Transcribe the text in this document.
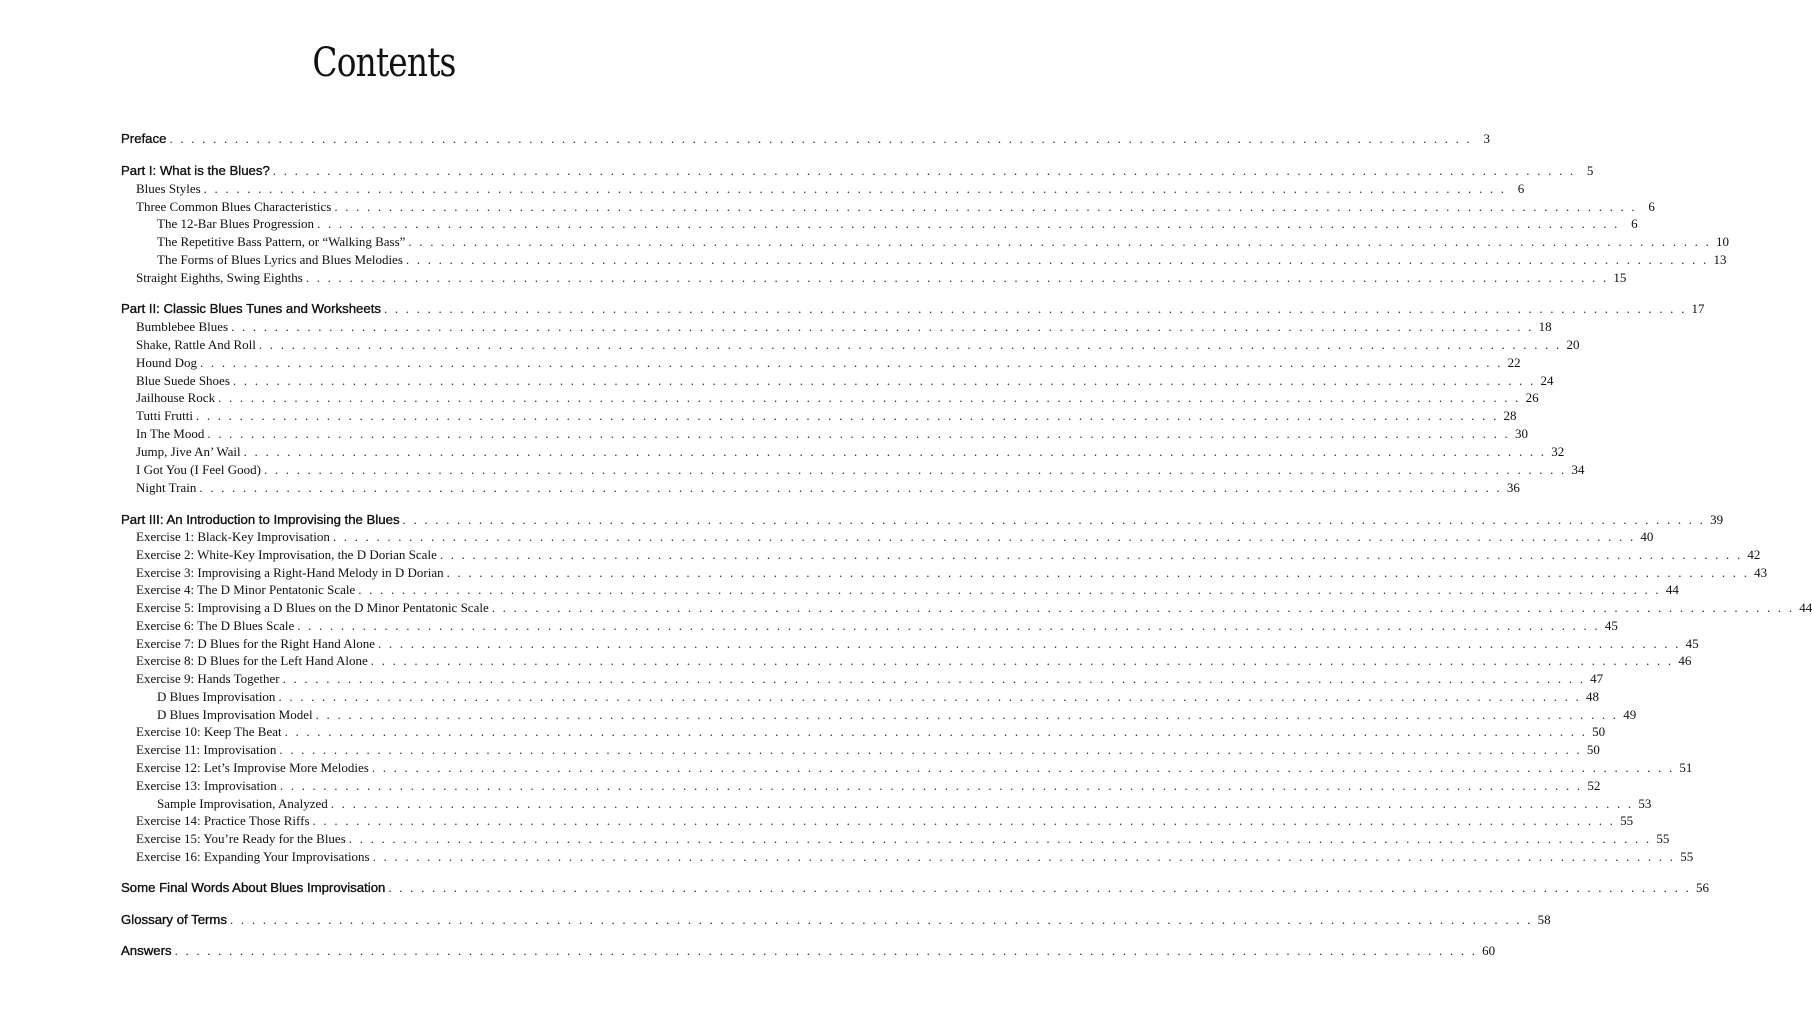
Contents
Preface . . . . . . . . . . . . . . . . . . . . . . . . . . . . . . . . . . . . . . . . . . . . . . . . . . . . . . . . . . . . . . . . . . . . . . . . . . . . . . . . . . . . . . . . . . . . . . . . . . . . . . . . . . . . . . . . . . . . . . . . 3
Part I: What is the Blues? . . . . . . . . . . . . . . . . . . . . . . . . . . . . . . . . . . . . . . . . . . . . . . . . . . . . . . . . . . . . . . . . . . . . . . . . . . . . . . . . . . . . . . . . . . . . . . . . . . . . . . . . . . . . . . . . . . . . . . . . 5
Blues Styles . . . . . . . . . . . . . . . . . . . . . . . . . . . . . . . . . . . . . . . . . . . . . . . . . . . . . . . . . . . . . . . . . . . . . . . . . . . . . . . . . . . . . . . . . . . . . . . . . . . . . . . . . . . . . . . . . . . . . . . . 6
Three Common Blues Characteristics . . . . . . . . . . . . . . . . . . . . . . . . . . . . . . . . . . . . . . . . . . . . . . . . . . . . . . . . . . . . . . . . . . . . . . . . . . . . . . . . . . . . . . . . . . . . . . . . . . . . . . . . . . . . . . . . . . . . . . . . 6
The 12-Bar Blues Progression . . . . . . . . . . . . . . . . . . . . . . . . . . . . . . . . . . . . . . . . . . . . . . . . . . . . . . . . . . . . . . . . . . . . . . . . . . . . . . . . . . . . . . . . . . . . . . . . . . . . . . . . . . . . . . . . . . . . . . . . 6
The Repetitive Bass Pattern, or “Walking Bass” . . . . . . . . . . . . . . . . . . . . . . . . . . . . . . . . . . . . . . . . . . . . . . . . . . . . . . . . . . . . . . . . . . . . . . . . . . . . . . . . . . . . . . . . . . . . . . . . . . . . . . . . . . . . . . . . . . . . . . . . 10
The Forms of Blues Lyrics and Blues Melodies . . . . . . . . . . . . . . . . . . . . . . . . . . . . . . . . . . . . . . . . . . . . . . . . . . . . . . . . . . . . . . . . . . . . . . . . . . . . . . . . . . . . . . . . . . . . . . . . . . . . . . . . . . . . . . . . . . . . . . . . 13
Straight Eighths, Swing Eighths . . . . . . . . . . . . . . . . . . . . . . . . . . . . . . . . . . . . . . . . . . . . . . . . . . . . . . . . . . . . . . . . . . . . . . . . . . . . . . . . . . . . . . . . . . . . . . . . . . . . . . . . . . . . . . . . . . . . . . . . 15
Part II: Classic Blues Tunes and Worksheets . . . . . . . . . . . . . . . . . . . . . . . . . . . . . . . . . . . . . . . . . . . . . . . . . . . . . . . . . . . . . . . . . . . . . . . . . . . . . . . . . . . . . . . . . . . . . . . . . . . . . . . . . . . . . . . . . . . . . . . . 17
Bumblebee Blues . . . . . . . . . . . . . . . . . . . . . . . . . . . . . . . . . . . . . . . . . . . . . . . . . . . . . . . . . . . . . . . . . . . . . . . . . . . . . . . . . . . . . . . . . . . . . . . . . . . . . . . . . . . . . . . . . . . . . . . . 18
Shake, Rattle And Roll . . . . . . . . . . . . . . . . . . . . . . . . . . . . . . . . . . . . . . . . . . . . . . . . . . . . . . . . . . . . . . . . . . . . . . . . . . . . . . . . . . . . . . . . . . . . . . . . . . . . . . . . . . . . . . . . . . . . . . . . 20
Hound Dog . . . . . . . . . . . . . . . . . . . . . . . . . . . . . . . . . . . . . . . . . . . . . . . . . . . . . . . . . . . . . . . . . . . . . . . . . . . . . . . . . . . . . . . . . . . . . . . . . . . . . . . . . . . . . . . . . . . . . . . . 22
Blue Suede Shoes . . . . . . . . . . . . . . . . . . . . . . . . . . . . . . . . . . . . . . . . . . . . . . . . . . . . . . . . . . . . . . . . . . . . . . . . . . . . . . . . . . . . . . . . . . . . . . . . . . . . . . . . . . . . . . . . . . . . . . . . 24
Jailhouse Rock . . . . . . . . . . . . . . . . . . . . . . . . . . . . . . . . . . . . . . . . . . . . . . . . . . . . . . . . . . . . . . . . . . . . . . . . . . . . . . . . . . . . . . . . . . . . . . . . . . . . . . . . . . . . . . . . . . . . . . . . 26
Tutti Frutti . . . . . . . . . . . . . . . . . . . . . . . . . . . . . . . . . . . . . . . . . . . . . . . . . . . . . . . . . . . . . . . . . . . . . . . . . . . . . . . . . . . . . . . . . . . . . . . . . . . . . . . . . . . . . . . . . . . . . . . . 28
In The Mood . . . . . . . . . . . . . . . . . . . . . . . . . . . . . . . . . . . . . . . . . . . . . . . . . . . . . . . . . . . . . . . . . . . . . . . . . . . . . . . . . . . . . . . . . . . . . . . . . . . . . . . . . . . . . . . . . . . . . . . . 30
Jump, Jive An’ Wail . . . . . . . . . . . . . . . . . . . . . . . . . . . . . . . . . . . . . . . . . . . . . . . . . . . . . . . . . . . . . . . . . . . . . . . . . . . . . . . . . . . . . . . . . . . . . . . . . . . . . . . . . . . . . . . . . . . . . . . . 32
I Got You (I Feel Good) . . . . . . . . . . . . . . . . . . . . . . . . . . . . . . . . . . . . . . . . . . . . . . . . . . . . . . . . . . . . . . . . . . . . . . . . . . . . . . . . . . . . . . . . . . . . . . . . . . . . . . . . . . . . . . . . . . . . . . . . 34
Night Train . . . . . . . . . . . . . . . . . . . . . . . . . . . . . . . . . . . . . . . . . . . . . . . . . . . . . . . . . . . . . . . . . . . . . . . . . . . . . . . . . . . . . . . . . . . . . . . . . . . . . . . . . . . . . . . . . . . . . . . . 36
Part III: An Introduction to Improvising the Blues . . . . . . . . . . . . . . . . . . . . . . . . . . . . . . . . . . . . . . . . . . . . . . . . . . . . . . . . . . . . . . . . . . . . . . . . . . . . . . . . . . . . . . . . . . . . . . . . . . . . . . . . . . . . . . . . . . . . . . . . 39
Exercise 1: Black-Key Improvisation . . . . . . . . . . . . . . . . . . . . . . . . . . . . . . . . . . . . . . . . . . . . . . . . . . . . . . . . . . . . . . . . . . . . . . . . . . . . . . . . . . . . . . . . . . . . . . . . . . . . . . . . . . . . . . . . . . . . . . . . 40
Exercise 2: White-Key Improvisation, the D Dorian Scale . . . . . . . . . . . . . . . . . . . . . . . . . . . . . . . . . . . . . . . . . . . . . . . . . . . . . . . . . . . . . . . . . . . . . . . . . . . . . . . . . . . . . . . . . . . . . . . . . . . . . . . . . . . . . . . . . . . . . . . . 42
Exercise 3: Improvising a Right-Hand Melody in D Dorian . . . . . . . . . . . . . . . . . . . . . . . . . . . . . . . . . . . . . . . . . . . . . . . . . . . . . . . . . . . . . . . . . . . . . . . . . . . . . . . . . . . . . . . . . . . . . . . . . . . . . . . . . . . . . . . . . . . . . . . . 43
Exercise 4: The D Minor Pentatonic Scale . . . . . . . . . . . . . . . . . . . . . . . . . . . . . . . . . . . . . . . . . . . . . . . . . . . . . . . . . . . . . . . . . . . . . . . . . . . . . . . . . . . . . . . . . . . . . . . . . . . . . . . . . . . . . . . . . . . . . . . . 44
Exercise 5: Improvising a D Blues on the D Minor Pentatonic Scale . . . . . . . . . . . . . . . . . . . . . . . . . . . . . . . . . . . . . . . . . . . . . . . . . . . . . . . . . . . . . . . . . . . . . . . . . . . . . . . . . . . . . . . . . . . . . . . . . . . . . . . . . . . . . . . . . . . . . . . . 44
Exercise 6: The D Blues Scale . . . . . . . . . . . . . . . . . . . . . . . . . . . . . . . . . . . . . . . . . . . . . . . . . . . . . . . . . . . . . . . . . . . . . . . . . . . . . . . . . . . . . . . . . . . . . . . . . . . . . . . . . . . . . . . . . . . . . . . . 45
Exercise 7: D Blues for the Right Hand Alone . . . . . . . . . . . . . . . . . . . . . . . . . . . . . . . . . . . . . . . . . . . . . . . . . . . . . . . . . . . . . . . . . . . . . . . . . . . . . . . . . . . . . . . . . . . . . . . . . . . . . . . . . . . . . . . . . . . . . . . . 45
Exercise 8: D Blues for the Left Hand Alone . . . . . . . . . . . . . . . . . . . . . . . . . . . . . . . . . . . . . . . . . . . . . . . . . . . . . . . . . . . . . . . . . . . . . . . . . . . . . . . . . . . . . . . . . . . . . . . . . . . . . . . . . . . . . . . . . . . . . . . . 46
Exercise 9: Hands Together . . . . . . . . . . . . . . . . . . . . . . . . . . . . . . . . . . . . . . . . . . . . . . . . . . . . . . . . . . . . . . . . . . . . . . . . . . . . . . . . . . . . . . . . . . . . . . . . . . . . . . . . . . . . . . . . . . . . . . . . 47
D Blues Improvisation . . . . . . . . . . . . . . . . . . . . . . . . . . . . . . . . . . . . . . . . . . . . . . . . . . . . . . . . . . . . . . . . . . . . . . . . . . . . . . . . . . . . . . . . . . . . . . . . . . . . . . . . . . . . . . . . . . . . . . . . 48
D Blues Improvisation Model . . . . . . . . . . . . . . . . . . . . . . . . . . . . . . . . . . . . . . . . . . . . . . . . . . . . . . . . . . . . . . . . . . . . . . . . . . . . . . . . . . . . . . . . . . . . . . . . . . . . . . . . . . . . . . . . . . . . . . . . 49
Exercise 10: Keep The Beat . . . . . . . . . . . . . . . . . . . . . . . . . . . . . . . . . . . . . . . . . . . . . . . . . . . . . . . . . . . . . . . . . . . . . . . . . . . . . . . . . . . . . . . . . . . . . . . . . . . . . . . . . . . . . . . . . . . . . . . . 50
Exercise 11: Improvisation . . . . . . . . . . . . . . . . . . . . . . . . . . . . . . . . . . . . . . . . . . . . . . . . . . . . . . . . . . . . . . . . . . . . . . . . . . . . . . . . . . . . . . . . . . . . . . . . . . . . . . . . . . . . . . . . . . . . . . . . 50
Exercise 12: Let’s Improvise More Melodies . . . . . . . . . . . . . . . . . . . . . . . . . . . . . . . . . . . . . . . . . . . . . . . . . . . . . . . . . . . . . . . . . . . . . . . . . . . . . . . . . . . . . . . . . . . . . . . . . . . . . . . . . . . . . . . . . . . . . . . . 51
Exercise 13: Improvisation . . . . . . . . . . . . . . . . . . . . . . . . . . . . . . . . . . . . . . . . . . . . . . . . . . . . . . . . . . . . . . . . . . . . . . . . . . . . . . . . . . . . . . . . . . . . . . . . . . . . . . . . . . . . . . . . . . . . . . . . 52
Sample Improvisation, Analyzed . . . . . . . . . . . . . . . . . . . . . . . . . . . . . . . . . . . . . . . . . . . . . . . . . . . . . . . . . . . . . . . . . . . . . . . . . . . . . . . . . . . . . . . . . . . . . . . . . . . . . . . . . . . . . . . . . . . . . . . . 53
Exercise 14: Practice Those Riffs . . . . . . . . . . . . . . . . . . . . . . . . . . . . . . . . . . . . . . . . . . . . . . . . . . . . . . . . . . . . . . . . . . . . . . . . . . . . . . . . . . . . . . . . . . . . . . . . . . . . . . . . . . . . . . . . . . . . . . . . 55
Exercise 15: You’re Ready for the Blues . . . . . . . . . . . . . . . . . . . . . . . . . . . . . . . . . . . . . . . . . . . . . . . . . . . . . . . . . . . . . . . . . . . . . . . . . . . . . . . . . . . . . . . . . . . . . . . . . . . . . . . . . . . . . . . . . . . . . . . . 55
Exercise 16: Expanding Your Improvisations . . . . . . . . . . . . . . . . . . . . . . . . . . . . . . . . . . . . . . . . . . . . . . . . . . . . . . . . . . . . . . . . . . . . . . . . . . . . . . . . . . . . . . . . . . . . . . . . . . . . . . . . . . . . . . . . . . . . . . . . 55
Some Final Words About Blues Improvisation . . . . . . . . . . . . . . . . . . . . . . . . . . . . . . . . . . . . . . . . . . . . . . . . . . . . . . . . . . . . . . . . . . . . . . . . . . . . . . . . . . . . . . . . . . . . . . . . . . . . . . . . . . . . . . . . . . . . . . . . 56
Glossary of Terms . . . . . . . . . . . . . . . . . . . . . . . . . . . . . . . . . . . . . . . . . . . . . . . . . . . . . . . . . . . . . . . . . . . . . . . . . . . . . . . . . . . . . . . . . . . . . . . . . . . . . . . . . . . . . . . . . . . . . . . . 58
Answers . . . . . . . . . . . . . . . . . . . . . . . . . . . . . . . . . . . . . . . . . . . . . . . . . . . . . . . . . . . . . . . . . . . . . . . . . . . . . . . . . . . . . . . . . . . . . . . . . . . . . . . . . . . . . . . . . . . . . . . . 60
